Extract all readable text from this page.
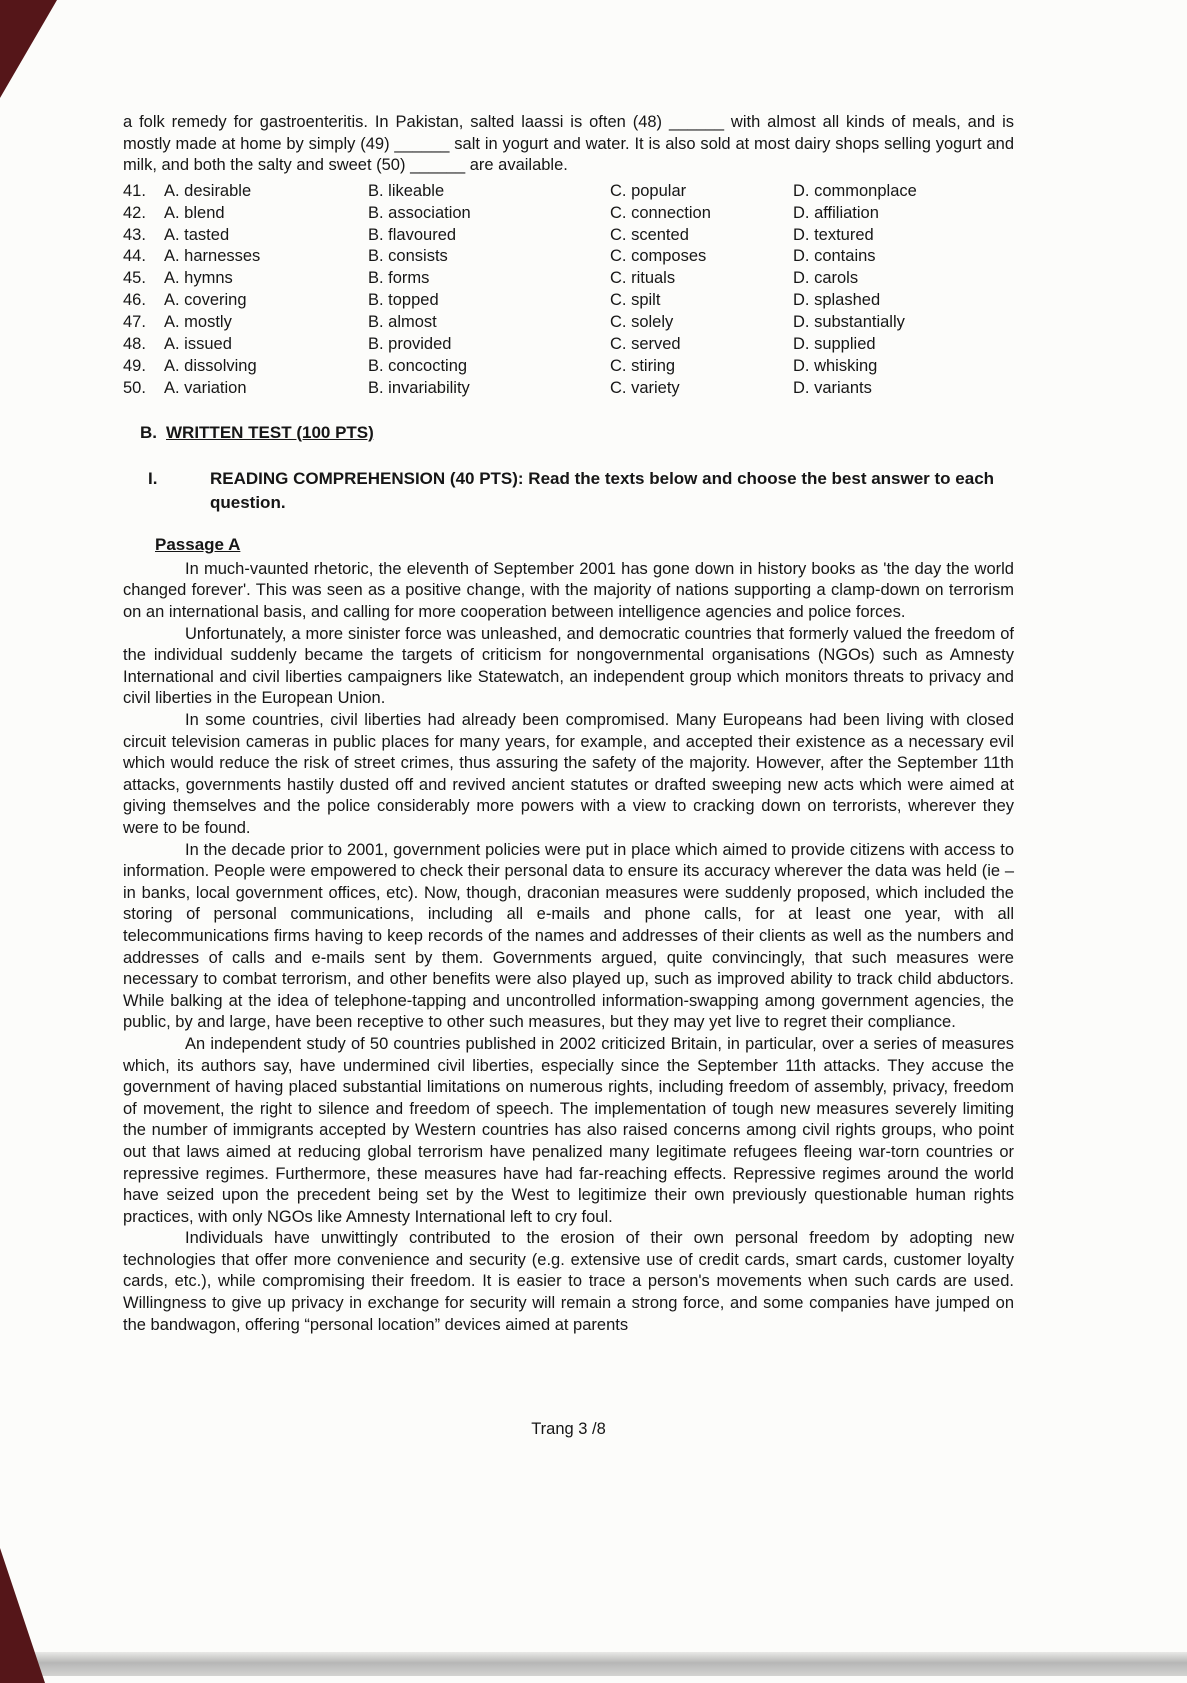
a folk remedy for gastroenteritis. In Pakistan, salted laassi is often (48) ______ with almost all kinds of meals, and is mostly made at home by simply (49) ______ salt in yogurt and water. It is also sold at most dairy shops selling yogurt and milk, and both the salty and sweet (50) ______ are available.

41.	A. desirable	B. likeable	C. popular	D. commonplace
42.	A. blend	B. association	C. connection	D. affiliation
43.	A. tasted	B. flavoured	C. scented	D. textured
44.	A. harnesses	B. consists	C. composes	D. contains
45.	A. hymns	B. forms	C. rituals	D. carols
46.	A. covering	B. topped	C. spilt	D. splashed
47.	A. mostly	B. almost	C. solely	D. substantially
48.	A. issued	B. provided	C. served	D. supplied
49.	A. dissolving	B. concocting	C. stiring	D. whisking
50.	A. variation	B. invariability	C. variety	D. variants
B. WRITTEN TEST (100 PTS)
I.	READING COMPREHENSION (40 PTS): Read the texts below and choose the best answer to each question.
Passage A

In much-vaunted rhetoric, the eleventh of September 2001 has gone down in history books as 'the day the world changed forever'. This was seen as a positive change, with the majority of nations supporting a clamp-down on terrorism on an international basis, and calling for more cooperation between intelligence agencies and police forces.

Unfortunately, a more sinister force was unleashed, and democratic countries that formerly valued the freedom of the individual suddenly became the targets of criticism for nongovernmental organisations (NGOs) such as Amnesty International and civil liberties campaigners like Statewatch, an independent group which monitors threats to privacy and civil liberties in the European Union.

In some countries, civil liberties had already been compromised. Many Europeans had been living with closed circuit television cameras in public places for many years, for example, and accepted their existence as a necessary evil which would reduce the risk of street crimes, thus assuring the safety of the majority. However, after the September 11th attacks, governments hastily dusted off and revived ancient statutes or drafted sweeping new acts which were aimed at giving themselves and the police considerably more powers with a view to cracking down on terrorists, wherever they were to be found.

In the decade prior to 2001, government policies were put in place which aimed to provide citizens with access to information. People were empowered to check their personal data to ensure its accuracy wherever the data was held (ie – in banks, local government offices, etc). Now, though, draconian measures were suddenly proposed, which included the storing of personal communications, including all e-mails and phone calls, for at least one year, with all telecommunications firms having to keep records of the names and addresses of their clients as well as the numbers and addresses of calls and e-mails sent by them. Governments argued, quite convincingly, that such measures were necessary to combat terrorism, and other benefits were also played up, such as improved ability to track child abductors. While balking at the idea of telephone-tapping and uncontrolled information-swapping among government agencies, the public, by and large, have been receptive to other such measures, but they may yet live to regret their compliance.

An independent study of 50 countries published in 2002 criticized Britain, in particular, over a series of measures which, its authors say, have undermined civil liberties, especially since the September 11th attacks. They accuse the government of having placed substantial limitations on numerous rights, including freedom of assembly, privacy, freedom of movement, the right to silence and freedom of speech. The implementation of tough new measures severely limiting the number of immigrants accepted by Western countries has also raised concerns among civil rights groups, who point out that laws aimed at reducing global terrorism have penalized many legitimate refugees fleeing war-torn countries or repressive regimes. Furthermore, these measures have had far-reaching effects. Repressive regimes around the world have seized upon the precedent being set by the West to legitimize their own previously questionable human rights practices, with only NGOs like Amnesty International left to cry foul.

Individuals have unwittingly contributed to the erosion of their own personal freedom by adopting new technologies that offer more convenience and security (e.g. extensive use of credit cards, smart cards, customer loyalty cards, etc.), while compromising their freedom. It is easier to trace a person's movements when such cards are used. Willingness to give up privacy in exchange for security will remain a strong force, and some companies have jumped on the bandwagon, offering “personal location” devices aimed at parents

Trang 3 /8
